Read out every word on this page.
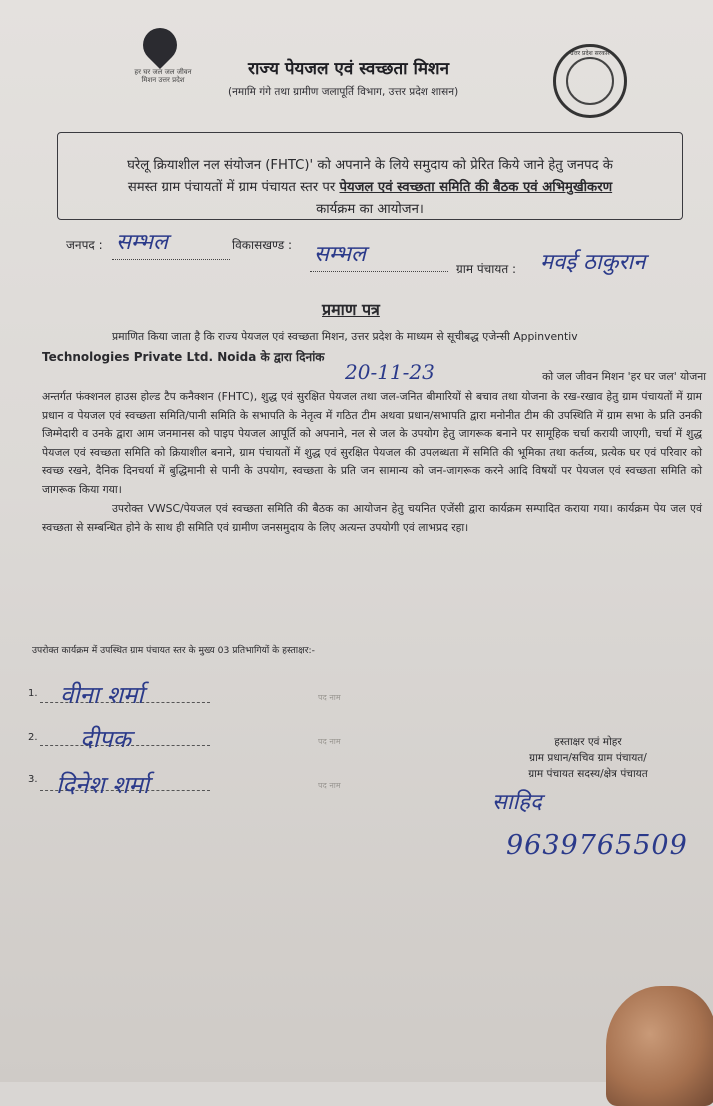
हर घर जल जल जीवन मिशन उत्तर प्रदेश
राज्य पेयजल एवं स्वच्छता मिशन
(नमामि गंगे तथा ग्रामीण जलापूर्ति विभाग, उत्तर प्रदेश शासन)
उत्तर प्रदेश सरकार
घरेलू क्रियाशील नल संयोजन (FHTC)' को अपनाने के लिये समुदाय को प्रेरित किये जाने हेतु जनपद के
समस्त ग्राम पंचायतों में ग्राम पंचायत स्तर पर पेयजल एवं स्वच्छता समिति की बैठक एवं अभिमुखीकरण
कार्यक्रम का आयोजन।
जनपद : सम्भल	विकासखण्ड : सम्भल
ग्राम पंचायत : मवई ठाकुरान
प्रमाण पत्र
प्रमाणित किया जाता है कि राज्य पेयजल एवं स्वच्छता मिशन, उत्तर प्रदेश के माध्यम से सूचीबद्ध एजेन्सी Appinventiv
Technologies Private Ltd. Noida के द्वारा दिनांक
20-11-23	को जल जीवन मिशन 'हर घर जल' योजना
अन्तर्गत फंक्शनल हाउस होल्ड टैप कनैक्शन (FHTC), शुद्ध एवं सुरक्षित पेयजल तथा जल-जनित बीमारियों से बचाव तथा योजना के रख-रखाव हेतु ग्राम पंचायतों में ग्राम प्रधान व पेयजल एवं स्वच्छता समिति/पानी समिति के सभापति के नेतृत्व में गठित टीम अथवा प्रधान/सभापति द्वारा मनोनीत टीम की उपस्थिति में ग्राम सभा के प्रति उनकी जिम्मेदारी व उनके द्वारा आम जनमानस को पाइप पेयजल आपूर्ति को अपनाने, नल से जल के उपयोग हेतु जागरूक बनाने पर सामूहिक चर्चा करायी जाएगी, चर्चा में शुद्ध पेयजल एवं स्वच्छता समिति को क्रियाशील बनाने, ग्राम पंचायतों में शुद्ध एवं सुरक्षित पेयजल की उपलब्धता में समिति की भूमिका तथा कर्तव्य, प्रत्येक घर एवं परिवार को स्वच्छ रखने, दैनिक दिनचर्या में बुद्धिमानी से पानी के उपयोग, स्वच्छता के प्रति जन सामान्य को जन-जागरूक करने आदि विषयों पर पेयजल एवं स्वच्छता समिति को जागरूक किया गया।
उपरोक्त VWSC/पेयजल एवं स्वच्छता समिति की बैठक का आयोजन हेतु चयनित एजेंसी द्वारा कार्यक्रम सम्पादित कराया गया। कार्यक्रम पेय जल एवं स्वच्छता से सम्बन्धित होने के साथ ही समिति एवं ग्रामीण जनसमुदाय के लिए अत्यन्त उपयोगी एवं लाभप्रद रहा।
उपरोक्त कार्यक्रम में उपस्थित ग्राम पंचायत स्तर के मुख्य 03 प्रतिभागियों के हस्ताक्षर:-
1. वीना शर्मा	पद नाम
2. दीपक	पद नाम
3. दिनेश शर्मा	पद नाम
हस्ताक्षर एवं मोहर
ग्राम प्रधान/सचिव ग्राम पंचायत/
ग्राम पंचायत सदस्य/क्षेत्र पंचायत
साहिद
9639765509
